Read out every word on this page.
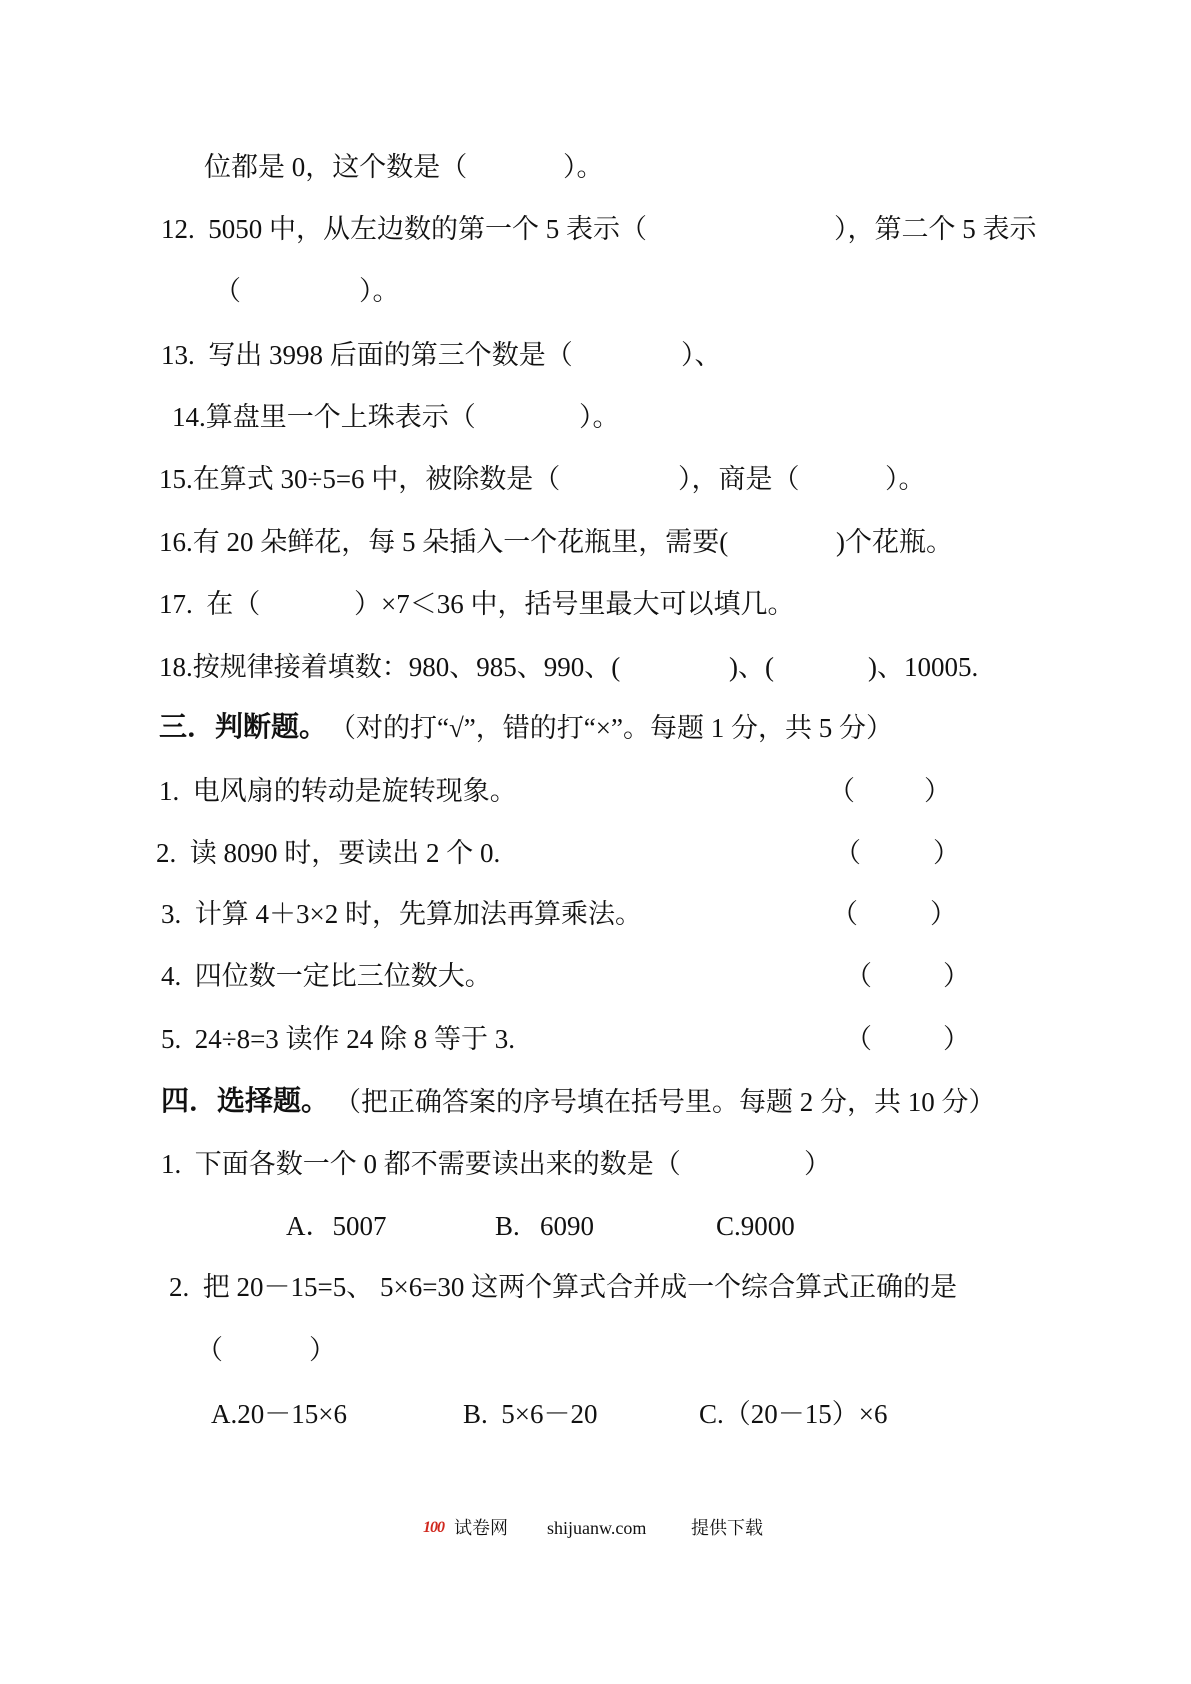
位都是 0，这个数是（	）。
12.  5050 中，从左边数的第一个 5 表示（	），第二个 5 表示
（	）。
13.  写出 3998 后面的第三个数是（	）、
14.算盘里一个上珠表示（	）。
15.在算式 30÷5=6 中，被除数是（	），商是（	）。
16.有 20 朵鲜花，每 5 朵插入一个花瓶里，需要(	)个花瓶。
17.  在（	）×7＜36 中，括号里最大可以填几。
18.按规律接着填数：980、985、990、(	)、(	)、10005.
三．判断题。 （对的打“√”，错的打“×”。每题 1 分，共 5 分）
1.  电风扇的转动是旋转现象。	（	）
2.  读 8090 时，要读出 2 个 0.	（	）
3.  计算 4＋3×2 时，先算加法再算乘法。	（	）
4.  四位数一定比三位数大。	（	）
5.  24÷8=3 读作 24 除 8 等于 3.	（	）
四．选择题。 （把正确答案的序号填在括号里。每题 2 分，共 10 分）
1.  下面各数一个 0 都不需要读出来的数是（	）
A．5007	B.   6090	C.9000
2.  把 20－15=5、 5×6=30 这两个算式合并成一个综合算式正确的是
（	）
A.20－15×6	B.  5×6－20	C.（20－15）×6
100 试卷网 shijuanw.com 提供下载
